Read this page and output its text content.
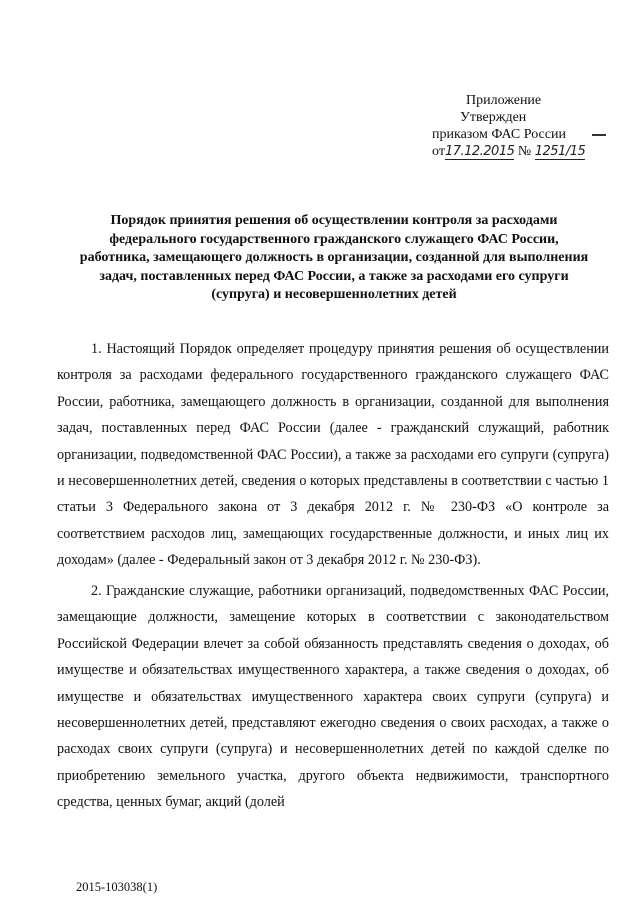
Приложение
Утвержден
приказом ФАС России
от17.12.2015 № 1251/15
Порядок принятия решения об осуществлении контроля за расходами федерального государственного гражданского служащего ФАС России, работника, замещающего должность в организации, созданной для выполнения задач, поставленных перед ФАС России, а также за расходами его супруги (супруга) и несовершеннолетних детей

1. Настоящий Порядок определяет процедуру принятия решения об осуществлении контроля за расходами федерального государственного гражданского служащего ФАС России, работника, замещающего должность в организации, созданной для выполнения задач, поставленных перед ФАС России (далее - гражданский служащий, работник организации, подведомственной ФАС России), а также за расходами его супруги (супруга) и несовершеннолетних детей, сведения о которых представлены в соответствии с частью 1 статьи 3 Федерального закона от 3 декабря 2012 г. № 230-ФЗ «О контроле за соответствием расходов лиц, замещающих государственные должности, и иных лиц их доходам» (далее - Федеральный закон от 3 декабря 2012 г. № 230-ФЗ).

2. Гражданские служащие, работники организаций, подведомственных ФАС России, замещающие должности, замещение которых в соответствии с законодательством Российской Федерации влечет за собой обязанность представлять сведения о доходах, об имуществе и обязательствах имущественного характера, а также сведения о доходах, об имуществе и обязательствах имущественного характера своих супруги (супруга) и несовершеннолетних детей, представляют ежегодно сведения о своих расходах, а также о расходах своих супруги (супруга) и несовершеннолетних детей по каждой сделке по приобретению земельного участка, другого объекта недвижимости, транспортного средства, ценных бумаг, акций (долей

2015-103038(1)
